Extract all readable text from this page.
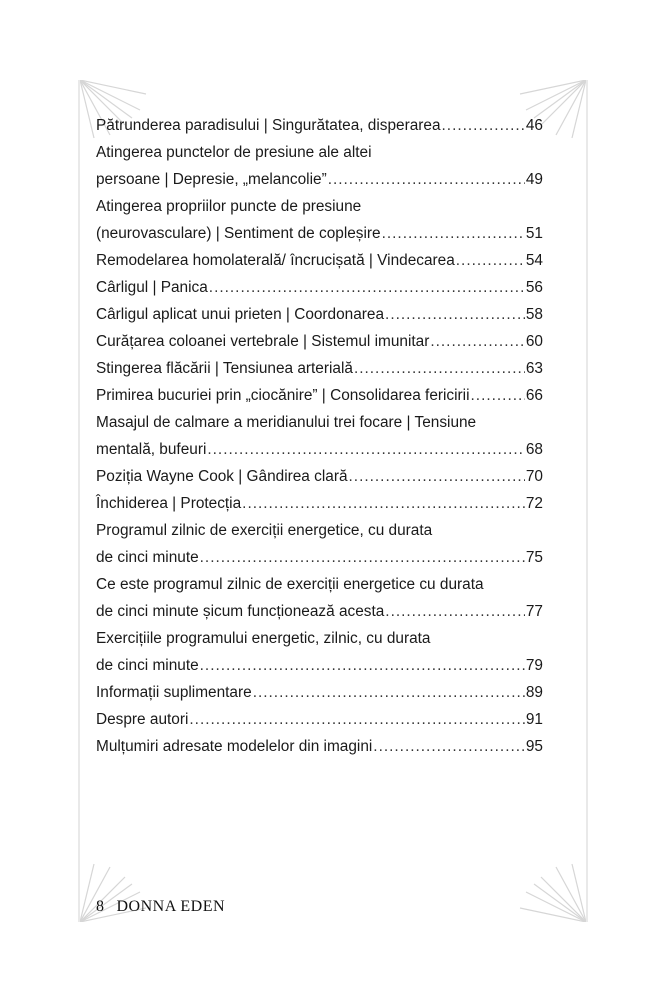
Pătrunderea paradisului | Singurătatea, disperarea .....	46
Atingerea punctelor de presiune ale altei
persoane | Depresie, „melancolie” .....	49
Atingerea propriilor puncte de presiune
(neurovasculare) | Sentiment de copleșire .....	51
Remodelarea homolaterală/ încrucișată | Vindecarea .....	54
Cârligul | Panica .....	56
Cârligul aplicat unui prieten | Coordonarea .....	58
Curățarea coloanei vertebrale | Sistemul imunitar .....	60
Stingerea flăcării | Tensiunea arterială .....	63
Primirea bucuriei prin „ciocănire” | Consolidarea fericirii .....	66
Masajul de calmare a meridianului trei focare | Tensiune
mentală, bufeuri .....	68
Poziția Wayne Cook | Gândirea clară .....	70
Închiderea | Protecția .....	72
Programul zilnic de exerciții energetice, cu durata
de cinci minute .....	75
Ce este programul zilnic de exerciții energetice cu durata
de cinci minute șicum funcționează acesta .....	77
Exercițiile programului energetic, zilnic, cu durata
de cinci minute .....	79
Informații suplimentare .....	89
Despre autori .....	91
Mulțumiri adresate modelelor din imagini .....	95
8 DONNA EDEN
